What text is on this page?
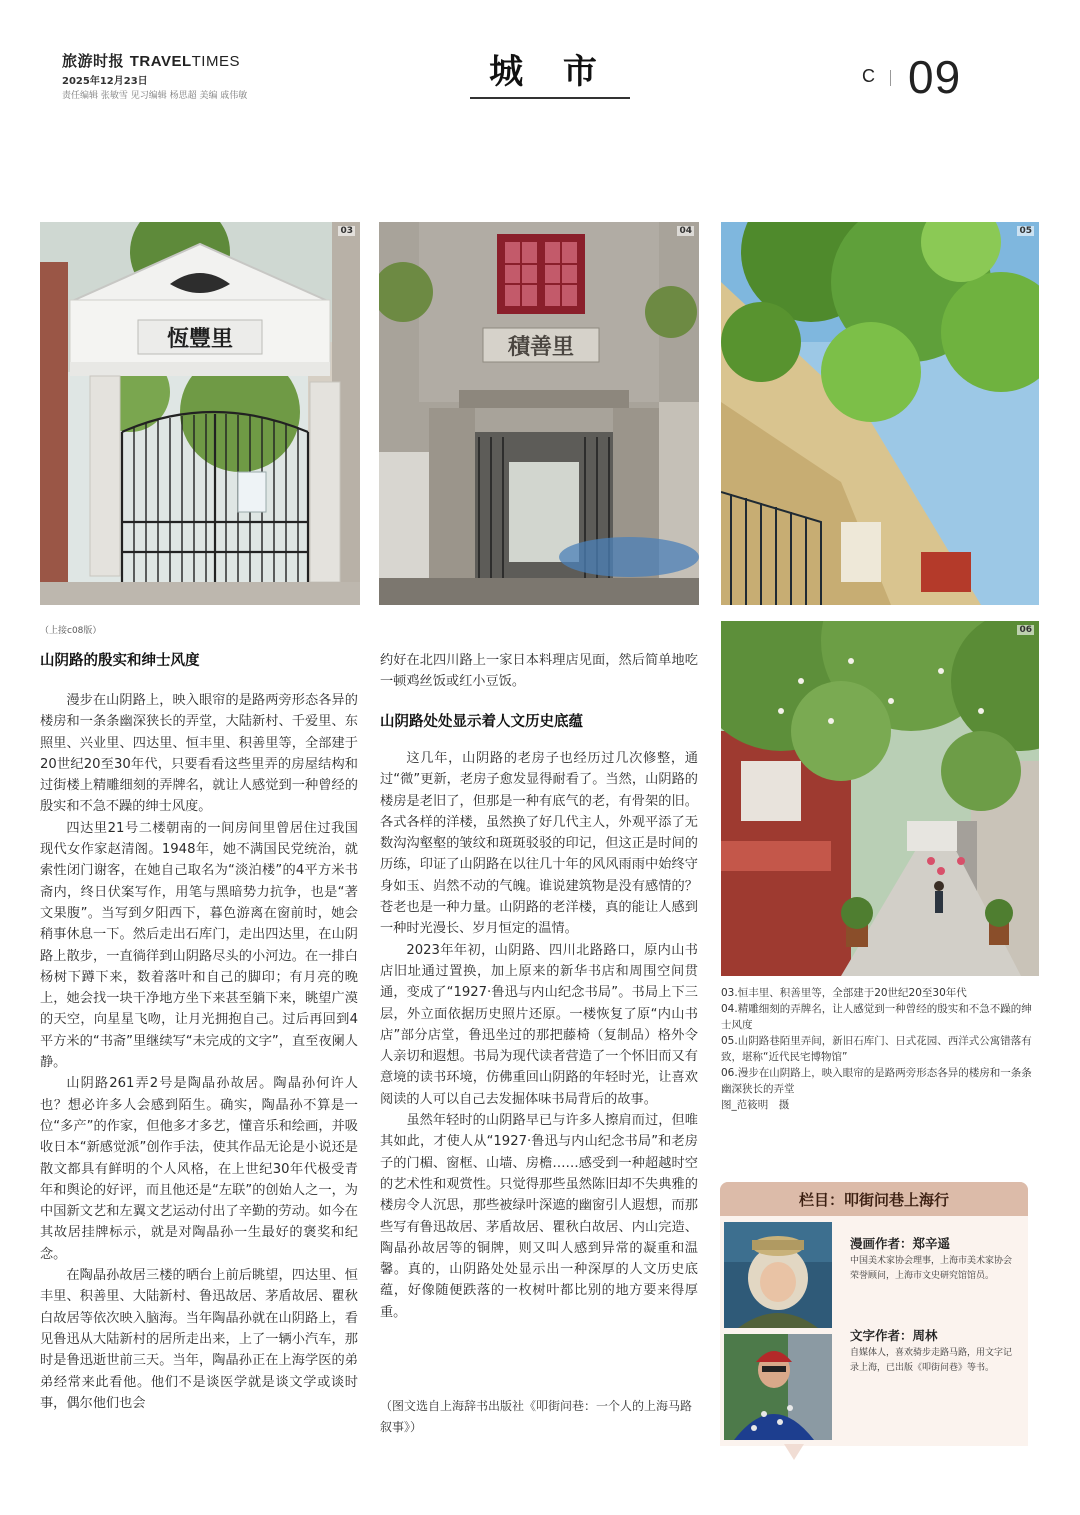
旅游时报 TRAVELTIMES
2025年12月23日
责任编辑 张敏雪 见习编辑 杨思超 美编 戚伟敏
城 市	C 09
恆豐里
03
積善里
04	05
06
（上接c08版）
山阴路的殷实和绅士风度

漫步在山阴路上，映入眼帘的是路两旁形态各异的楼房和一条条幽深狭长的弄堂，大陆新村、千爱里、东照里、兴业里、四达里、恒丰里、积善里等，全部建于20世纪20至30年代，只要看看这些里弄的房屋结构和过街楼上精雕细刻的弄牌名，就让人感觉到一种曾经的殷实和不急不躁的绅士风度。

四达里21号二楼朝南的一间房间里曾居住过我国现代女作家赵清阁。1948年，她不满国民党统治，就索性闭门谢客，在她自己取名为“淡泊楼”的4平方米书斋内，终日伏案写作，用笔与黑暗势力抗争，也是“著文果腹”。当写到夕阳西下，暮色游离在窗前时，她会稍事休息一下。然后走出石库门，走出四达里，在山阴路上散步，一直徜徉到山阴路尽头的小河边。在一排白杨树下蹲下来，数着落叶和自己的脚印；有月亮的晚上，她会找一块干净地方坐下来甚至躺下来，眺望广漠的天空，向星星飞吻，让月光拥抱自己。过后再回到4平方米的“书斋”里继续写“未完成的文字”，直至夜阑人静。

山阴路261弄2号是陶晶孙故居。陶晶孙何许人也？想必许多人会感到陌生。确实，陶晶孙不算是一位“多产”的作家，但他多才多艺，懂音乐和绘画，并吸收日本“新感觉派”创作手法，使其作品无论是小说还是散文都具有鲜明的个人风格，在上世纪30年代极受青年和舆论的好评，而且他还是“左联”的创始人之一，为中国新文艺和左翼文艺运动付出了辛勤的劳动。如今在其故居挂牌标示，就是对陶晶孙一生最好的褒奖和纪念。

在陶晶孙故居三楼的晒台上前后眺望，四达里、恒丰里、积善里、大陆新村、鲁迅故居、茅盾故居、瞿秋白故居等依次映入脑海。当年陶晶孙就在山阴路上，看见鲁迅从大陆新村的居所走出来，上了一辆小汽车，那时是鲁迅逝世前三天。当年，陶晶孙正在上海学医的弟弟经常来此看他。他们不是谈医学就是谈文学或谈时事，偶尔他们也会

约好在北四川路上一家日本料理店见面，然后简单地吃一顿鸡丝饭或红小豆饭。

山阴路处处显示着人文历史底蕴

这几年，山阴路的老房子也经历过几次修整，通过“微”更新，老房子愈发显得耐看了。当然，山阴路的楼房是老旧了，但那是一种有底气的老，有骨架的旧。各式各样的洋楼，虽然换了好几代主人，外观平添了无数沟沟壑壑的皱纹和斑斑驳驳的印记，但这正是时间的历练，印证了山阴路在以往几十年的风风雨雨中始终守身如玉、岿然不动的气魄。谁说建筑物是没有感情的？苍老也是一种力量。山阴路的老洋楼，真的能让人感到一种时光漫长、岁月恒定的温情。

2023年年初，山阴路、四川北路路口，原内山书店旧址通过置换，加上原来的新华书店和周围空间贯通，变成了“1927·鲁迅与内山纪念书局”。书局上下三层，外立面依据历史照片还原。一楼恢复了原“内山书店”部分店堂，鲁迅坐过的那把藤椅（复制品）格外令人亲切和遐想。书局为现代读者营造了一个怀旧而又有意境的读书环境，仿佛重回山阴路的年轻时光，让喜欢阅读的人可以自己去发掘体味书局背后的故事。

虽然年轻时的山阴路早已与许多人擦肩而过，但唯其如此，才使人从“1927·鲁迅与内山纪念书局”和老房子的门楣、窗框、山墙、房檐……感受到一种超越时空的艺术性和观赏性。只觉得那些虽然陈旧却不失典雅的楼房令人沉思，那些被绿叶深遮的幽窗引人遐想，而那些写有鲁迅故居、茅盾故居、瞿秋白故居、内山完造、陶晶孙故居等的铜牌，则又叫人感到异常的凝重和温馨。真的，山阴路处处显示出一种深厚的人文历史底蕴，好像随便跌落的一枚树叶都比别的地方要来得厚重。

（图文选自上海辞书出版社《叩街问巷：一个人的上海马路叙事》）
03.恒丰里、积善里等，全部建于20世纪20至30年代
04.精雕细刻的弄牌名，让人感觉到一种曾经的殷实和不急不躁的绅士风度
05.山阴路巷陌里弄间，新旧石库门、日式花园、西洋式公寓错落有致，堪称“近代民宅博物馆”
06.漫步在山阴路上，映入眼帘的是路两旁形态各异的楼房和一条条幽深狭长的弄堂
图_范筱明　摄
栏目：叩街问巷上海行
漫画作者：郑辛遥
中国美术家协会理事，上海市美术家协会荣誉顾问，上海市文史研究馆馆员。
文字作者：周林
自媒体人，喜欢骑步走路马路，用文字记录上海，已出版《叩街问巷》等书。
